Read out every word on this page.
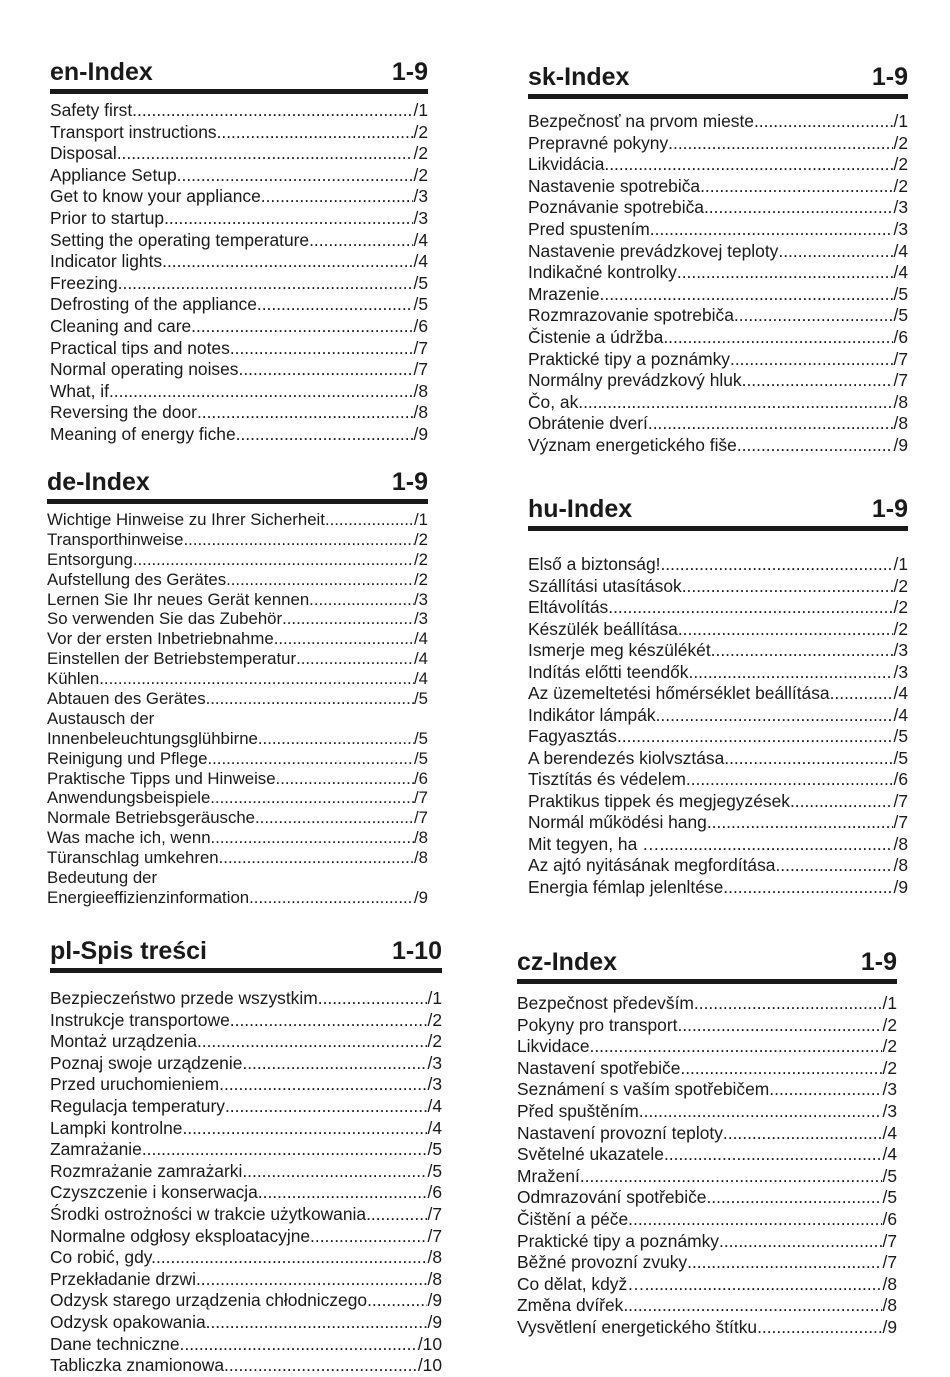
en-Index	1-9
Safety first .....	/1
Transport instructions .....	/2
Disposal .....	/2
Appliance Setup .....	/2
Get to know your appliance .....	/3
Prior to startup .....	/3
Setting the operating temperature .....	/4
Indicator lights .....	/4
Freezing .....	/5
Defrosting of the appliance .....	/5
Cleaning and care .....	/6
Practical tips and notes .....	/7
Normal operating noises .....	/7
What, if... .....	/8
Reversing the door .....	/8
Meaning of energy fiche .....	/9
de-Index	1-9
Wichtige Hinweise zu Ihrer Sicherheit .....	/1
Transporthinweise .....	/2
Entsorgung .....	/2
Aufstellung des Gerätes .....	/2
Lernen Sie Ihr neues Gerät kennen .....	/3
So verwenden Sie das Zubehör .....	/3
Vor der ersten Inbetriebnahme .....	/4
Einstellen der Betriebstemperatur .....	/4
Kühlen .....	/4
Abtauen des Gerätes .....	/5
Austausch der
Innenbeleuchtungsglühbirne .....	/5
Reinigung und Pflege .....	/5
Praktische Tipps und Hinweise .....	/6
Anwendungsbeispiele .....	/7
Normale Betriebsgeräusche .....	/7
Was mache ich, wenn... .....	/8
Türanschlag umkehren .....	/8
Bedeutung der
Energieeffizienzinformation .....	/9
pl-Spis treści	1-10
Bezpieczeństwo przede wszystkim .....	/1
Instrukcje transportowe .....	/2
Montaż urządzenia .....	/2
Poznaj swoje urządzenie .....	/3
Przed uruchomieniem .....	/3
Regulacja temperatury .....	/4
Lampki kontrolne .....	/4
Zamrażanie .....	/5
Rozmrażanie zamrażarki .....	/5
Czyszczenie i konserwacja .....	/6
Środki ostrożności w trakcie użytkowania .....	/7
Normalne odgłosy eksploatacyjne .....	/7
Co robić, gdy... .....	/8
Przekładanie drzwi .....	/8
Odzysk starego urządzenia chłodniczego .....	/9
Odzysk opakowania .....	/9
Dane techniczne .....	/10
Tabliczka znamionowa .....	/10
sk-Index	1-9
Bezpečnosť na prvom mieste .....	/1
Prepravné pokyny .....	/2
Likvidácia .....	/2
Nastavenie spotrebiča .....	/2
Poznávanie spotrebiča .....	/3
Pred spustením .....	/3
Nastavenie prevádzkovej teploty .....	/4
Indikačné kontrolky .....	/4
Mrazenie .....	/5
Rozmrazovanie spotrebiča .....	/5
Čistenie a údržba .....	/6
Praktické tipy a poznámky .....	/7
Normálny prevádzkový hluk .....	/7
Čo, ak... .....	/8
Obrátenie dverí .....	/8
Význam energetického fiše .....	/9
hu-Index	1-9
Első a biztonság! .....	/1
Szállítási utasítások .....	/2
Eltávolítás .....	/2
Készülék beállítása .....	/2
Ismerje meg készülékét .....	/3
Indítás előtti teendők .....	/3
Az üzemeltetési hőmérséklet beállítása .....	/4
Indikátor lámpák .....	/4
Fagyasztás .....	/5
A berendezés kiolvsztása .....	/5
Tisztítás és védelem .....	/6
Praktikus tippek és megjegyzések .....	/7
Normál működési hang .....	/7
Mit tegyen, ha … .....	/8
Az ajtó nyitásának megfordítása .....	/8
Energia fémlap jelenltése .....	/9
cz-Index	1-9
Bezpečnost především .....	/1
Pokyny pro transport .....	/2
Likvidace .....	/2
Nastavení spotřebiče .....	/2
Seznámení s vaším spotřebičem .....	/3
Před spuštěním .....	/3
Nastavení provozní teploty .....	/4
Světelné ukazatele .....	/4
Mražení .....	/5
Odmrazování spotřebiče .....	/5
Čištění a péče .....	/6
Praktické tipy a poznámky .....	/7
Běžné provozní zvuky .....	/7
Co dělat, když… .....	/8
Změna dvířek .....	/8
Vysvětlení energetického štítku .....	/9
